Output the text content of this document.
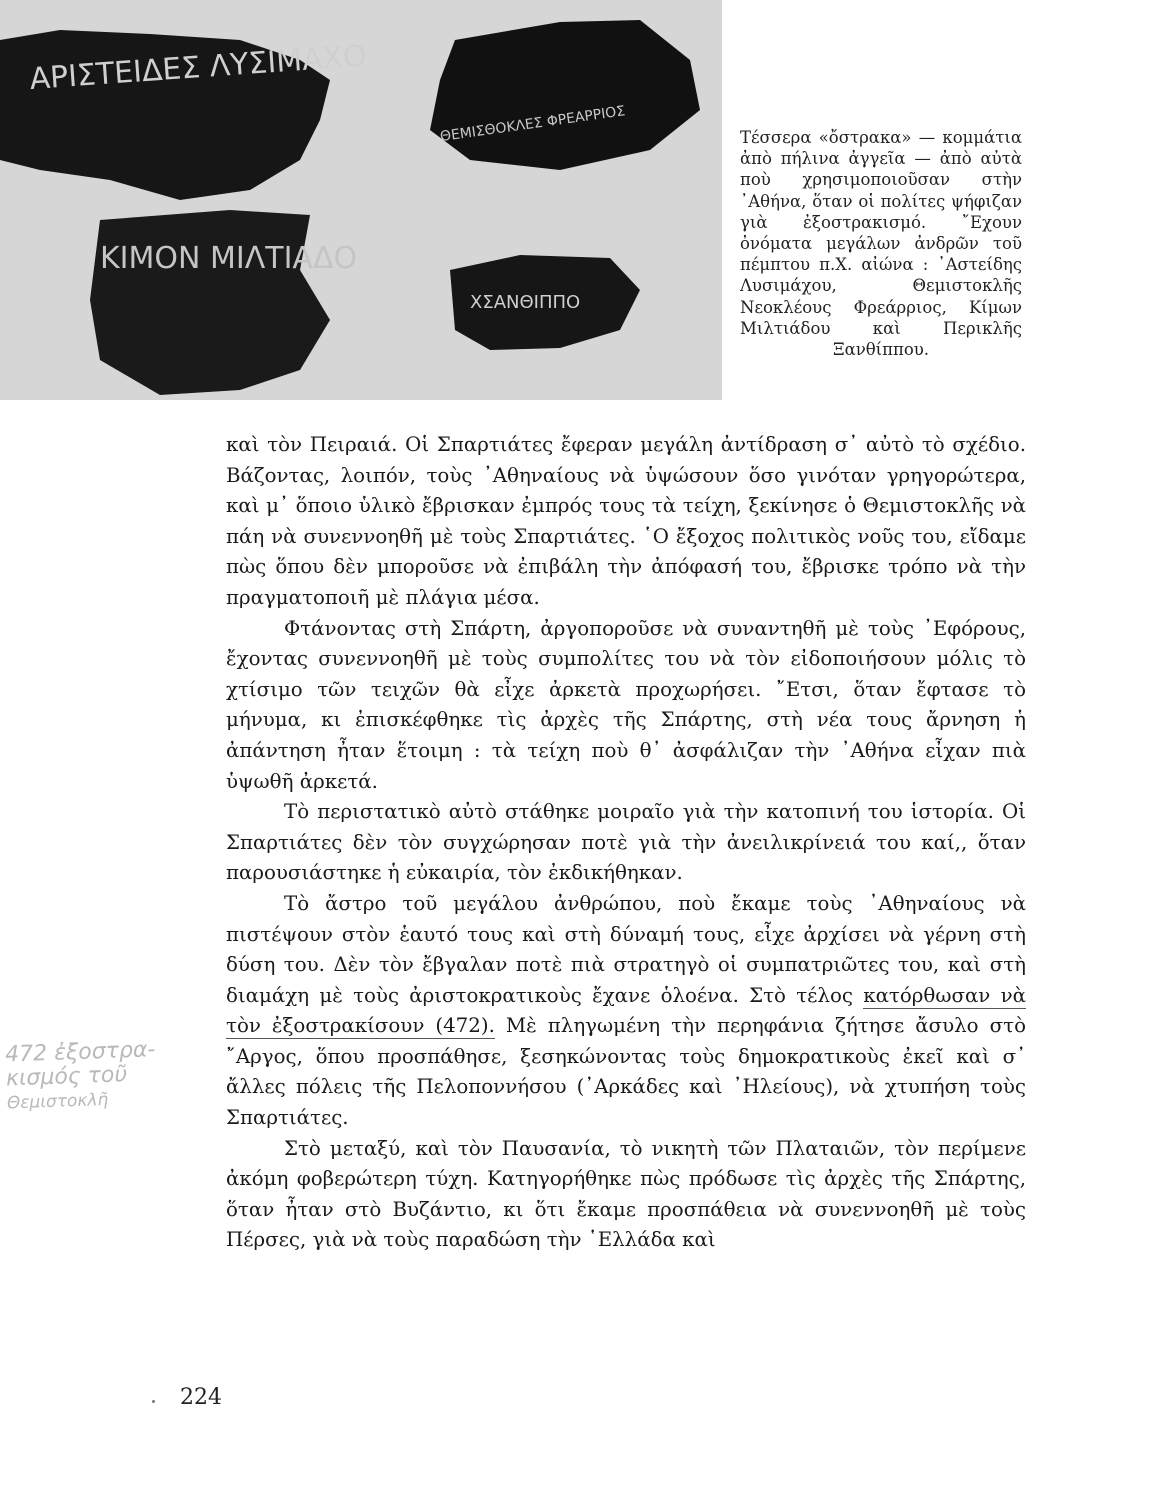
ΑΡΙΣΤΕΙΔΕΣ ΛΥΣΙΜΑΧΟ
ΘΕΜΙΣΘΟΚΛΕΣ ΦΡΕΑΡΡΙΟΣ
ΚΙΜΟΝ ΜΙΛΤΙΑΔΟ
ΧΣΑΝΘΙΠΠΟ
Τέσσερα «ὄστρακα» — κομμάτια ἀπὸ πήλινα ἀγγεῖα — ἀπὸ αὐτὰ ποὺ χρησιμοποιοῦσαν στὴν ᾽Αθήνα, ὅταν οἱ πολίτες ψήφιζαν γιὰ ἐξοστρακισμό. ῎Εχουν ὀνόματα μεγάλων ἀνδρῶν τοῦ πέμπτου π.Χ. αἰώνα : ᾽Αστείδης Λυσιμάχου, Θεμιστοκλῆς Νεοκλέους Φρεάρριος, Κίμων Μιλτιάδου καὶ Περικλῆς Ξανθίππου.

καὶ τὸν Πειραιά. Οἱ Σπαρτιάτες ἔφεραν μεγάλη ἀντίδραση σ᾽ αὐτὸ τὸ σχέδιο. Βάζοντας, λοιπόν, τοὺς ᾽Αθηναίους νὰ ὑψώσουν ὅσο γινόταν γρηγορώτερα, καὶ μ᾽ ὅποιο ὑλικὸ ἔβρισκαν ἐμπρός τους τὰ τείχη, ξεκίνησε ὁ Θεμιστοκλῆς νὰ πάη νὰ συνεννοηθῆ μὲ τοὺς Σπαρτιάτες. ῾Ο ἔξοχος πολιτικὸς νοῦς του, εἴδαμε πὼς ὅπου δὲν μποροῦσε νὰ ἐπιβάλη τὴν ἀπόφασή του, ἔβρισκε τρόπο νὰ τὴν πραγματοποιῆ μὲ πλάγια μέσα.

Φτάνοντας στὴ Σπάρτη, ἀργοποροῦσε νὰ συναντηθῆ μὲ τοὺς ᾽Εφόρους, ἔχοντας συνεννοηθῆ μὲ τοὺς συμπολίτες του νὰ τὸν εἰδοποιήσουν μόλις τὸ χτίσιμο τῶν τειχῶν θὰ εἶχε ἀρκετὰ προχωρήσει. ῎Ετσι, ὅταν ἔφτασε τὸ μήνυμα, κι ἐπισκέφθηκε τὶς ἀρχὲς τῆς Σπάρτης, στὴ νέα τους ἄρνηση ἡ ἀπάντηση ἦταν ἕτοιμη : τὰ τείχη ποὺ θ᾽ ἀσφάλιζαν τὴν ᾽Αθήνα εἶχαν πιὰ ὑψωθῆ ἀρκετά.

Τὸ περιστατικὸ αὐτὸ στάθηκε μοιραῖο γιὰ τὴν κατοπινή του ἱστορία. Οἱ Σπαρτιάτες δὲν τὸν συγχώρησαν ποτὲ γιὰ τὴν ἀνειλικρίνειά του καί,, ὅταν παρουσιάστηκε ἡ εὐκαιρία, τὸν ἐκδικήθηκαν.

Τὸ ἄστρο τοῦ μεγάλου ἀνθρώπου, ποὺ ἔκαμε τοὺς ᾽Αθηναίους νὰ πιστέψουν στὸν ἑαυτό τους καὶ στὴ δύναμή τους, εἶχε ἀρχίσει νὰ γέρνη στὴ δύση του. Δὲν τὸν ἔβγαλαν ποτὲ πιὰ στρατηγὸ οἱ συμπατριῶτες του, καὶ στὴ διαμάχη μὲ τοὺς ἀριστοκρατικοὺς ἔχανε ὁλοένα. Στὸ τέλος κατόρθωσαν νὰ τὸν ἐξοστρακίσουν (472). Μὲ πληγωμένη τὴν περηφάνια ζήτησε ἄσυλο στὸ ῎Αργος, ὅπου προσπάθησε, ξεσηκώνοντας τοὺς δημοκρατικοὺς ἐκεῖ καὶ σ᾽ ἄλλες πόλεις τῆς Πελοποννήσου (᾽Αρκάδες καὶ ᾽Ηλείους), νὰ χτυπήση τοὺς Σπαρτιάτες.

Στὸ μεταξύ, καὶ τὸν Παυσανία, τὸ νικητὴ τῶν Πλαταιῶν, τὸν περίμενε ἀκόμη φοβερώτερη τύχη. Κατηγορήθηκε πὼς πρόδωσε τὶς ἀρχὲς τῆς Σπάρτης, ὅταν ἦταν στὸ Βυζάντιο, κι ὅτι ἔκαμε προσπάθεια νὰ συνεννοηθῆ μὲ τοὺς Πέρσες, γιὰ νὰ τοὺς παραδώση τὴν ῾Ελλάδα καὶ

472 ἐξοστρα-
κισμός τοῦ
Θεμιστοκλῆ
224
